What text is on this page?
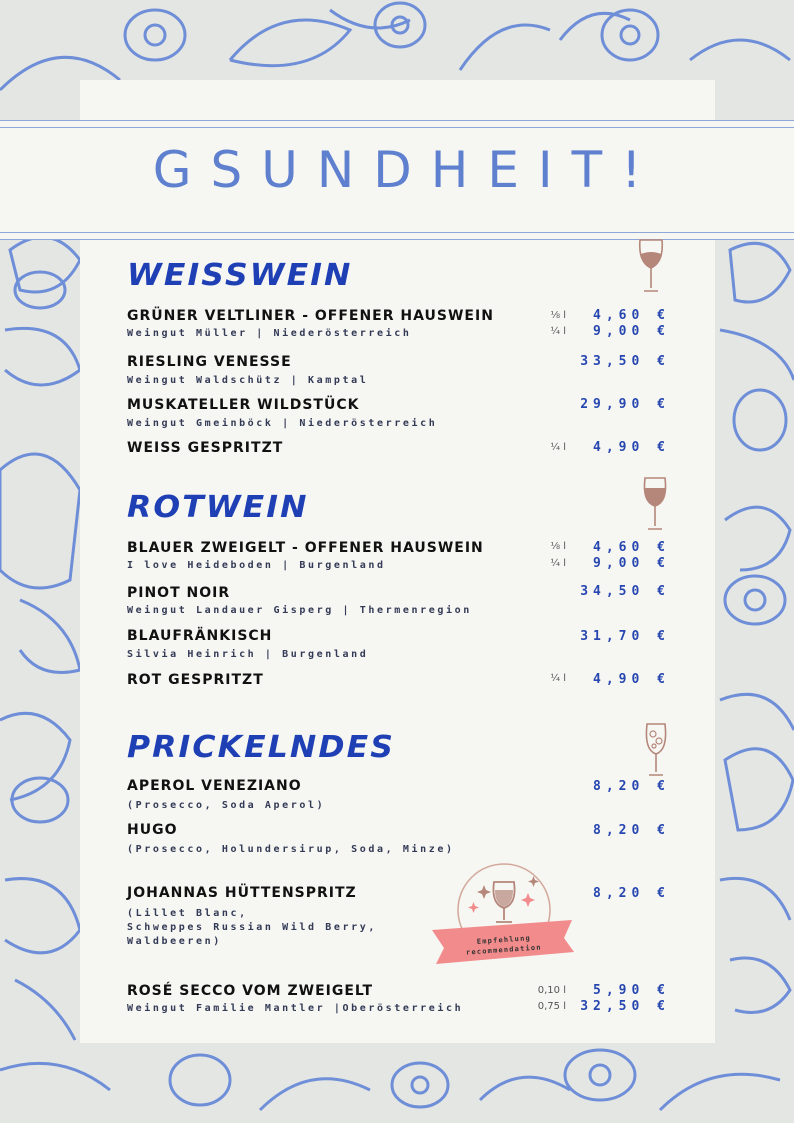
GSUNDHEIT!
WEISSWEIN
GRÜNER VELTLINER - OFFENER HAUSWEIN
Weingut Müller | Niederösterreich
⅛ l	4,60 €
¼ l	9,00 €
RIESLING VENESSE
Weingut Waldschütz | Kamptal
33,50 €
MUSKATELLER WILDSTÜCK
Weingut Gmeinböck | Niederösterreich
29,90 €
WEISS GESPRITZT	¼ l	4,90 €
ROTWEIN
BLAUER ZWEIGELT - OFFENER HAUSWEIN
I love Heideboden | Burgenland
⅛ l	4,60 €
¼ l	9,00 €
PINOT NOIR
Weingut Landauer Gisperg | Thermenregion
34,50 €
BLAUFRÄNKISCH
Silvia Heinrich | Burgenland
31,70 €
ROT GESPRITZT	¼ l	4,90 €
PRICKELNDES
APEROL VENEZIANO
(Prosecco, Soda Aperol)
8,20 €
HUGO
(Prosecco, Holundersirup, Soda, Minze)
8,20 €
JOHANNAS HÜTTENSPRITZ
(Lillet Blanc,
Schweppes Russian Wild Berry,
Waldbeeren)
8,20 €
Empfehlung
recommendation
ROSÉ SECCO VOM ZWEIGELT
Weingut Familie Mantler |Oberösterreich
0,10 l	5,90 €
0,75 l	32,50 €
